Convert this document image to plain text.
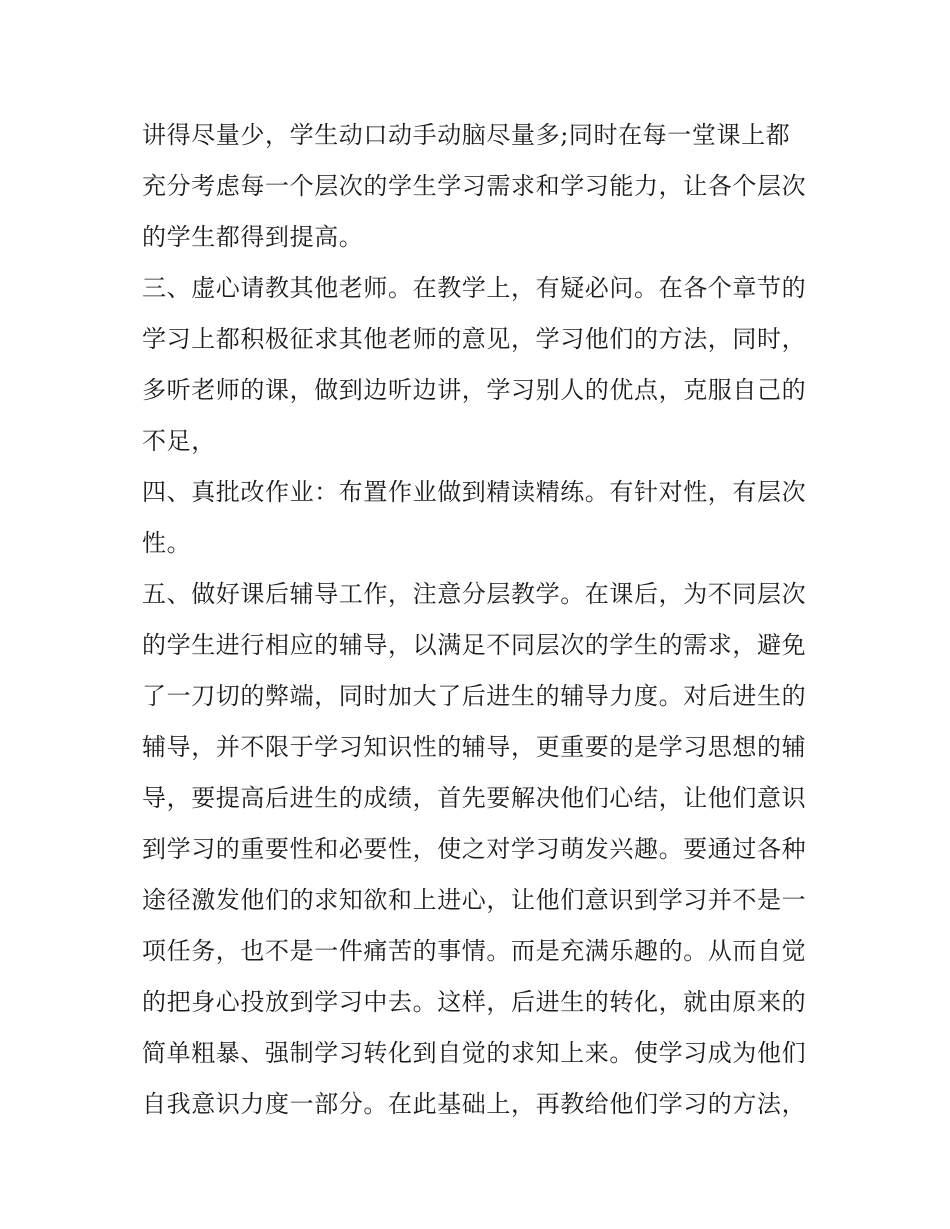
讲得尽量少，学生动口动手动脑尽量多;同时在每一堂课上都
充分考虑每一个层次的学生学习需求和学习能力，让各个层次
的学生都得到提高。
三、虚心请教其他老师。在教学上，有疑必问。在各个章节的
学习上都积极征求其他老师的意见，学习他们的方法，同时，
多听老师的课，做到边听边讲，学习别人的优点，克服自己的
不足，
四、真批改作业：布置作业做到精读精练。有针对性，有层次
性。
五、做好课后辅导工作，注意分层教学。在课后，为不同层次
的学生进行相应的辅导，以满足不同层次的学生的需求，避免
了一刀切的弊端，同时加大了后进生的辅导力度。对后进生的
辅导，并不限于学习知识性的辅导，更重要的是学习思想的辅
导，要提高后进生的成绩，首先要解决他们心结，让他们意识
到学习的重要性和必要性，使之对学习萌发兴趣。要通过各种
途径激发他们的求知欲和上进心，让他们意识到学习并不是一
项任务，也不是一件痛苦的事情。而是充满乐趣的。从而自觉
的把身心投放到学习中去。这样，后进生的转化，就由原来的
简单粗暴、强制学习转化到自觉的求知上来。使学习成为他们
自我意识力度一部分。在此基础上，再教给他们学习的方法，
